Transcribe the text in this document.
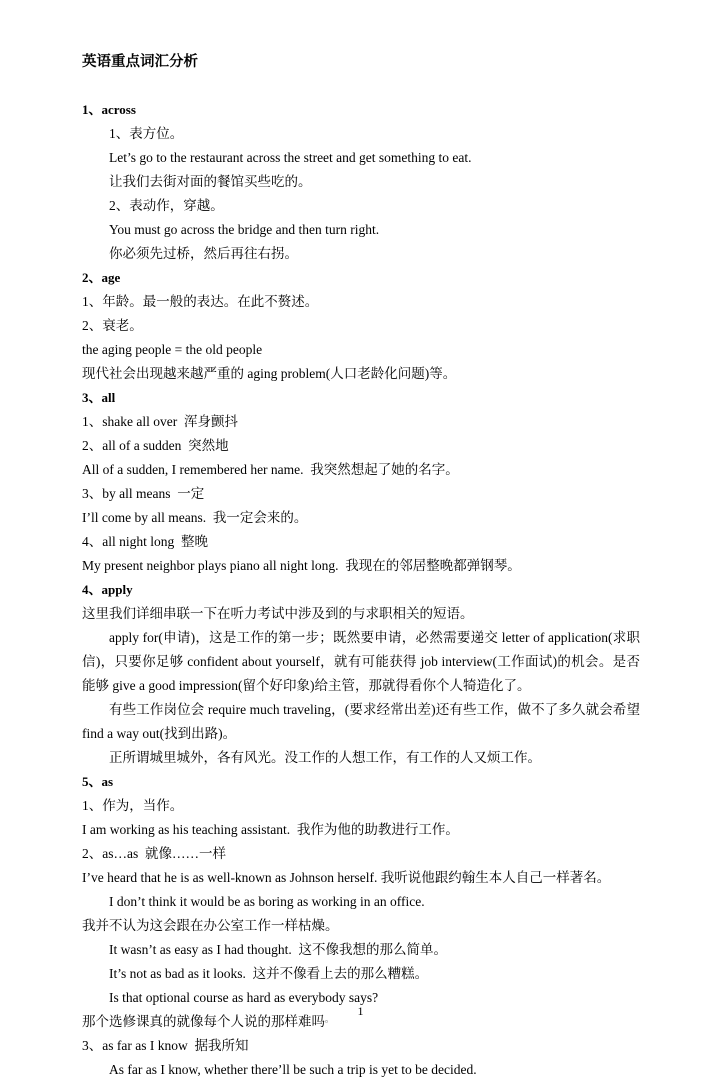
英语重点词汇分析
1、across
1、表方位。
Let’s go to the restaurant across the street and get something to eat.
让我们去街对面的餐馆买些吃的。
2、表动作，穿越。
You must go across the bridge and then turn right.
你必须先过桥，然后再往右拐。
2、age
1、年龄。最一般的表达。在此不赘述。
2、衰老。
the aging people = the old people
现代社会出现越来越严重的 aging problem(人口老龄化问题)等。
3、all
1、shake all over  浑身颤抖
2、all of a sudden  突然地
All of a sudden, I remembered her name.  我突然想起了她的名字。
3、by all means  一定
I’ll come by all means.  我一定会来的。
4、all night long  整晚
My present neighbor plays piano all night long.  我现在的邻居整晚都弹钢琴。
4、apply
这里我们详细串联一下在听力考试中涉及到的与求职相关的短语。
apply for(申请)，这是工作的第一步；既然要申请，必然需要递交 letter of application(求职信)，只要你足够 confident about yourself，就有可能获得 job interview(工作面试)的机会。是否能够 give a good impression(留个好印象)给主管，那就得看你个人犄造化了。
有些工作岗位会 require much traveling，(要求经常出差)还有些工作，做不了多久就会希望 find a way out(找到出路)。
正所谓城里城外，各有风光。没工作的人想工作，有工作的人又烦工作。
5、as
1、作为，当作。
I am working as his teaching assistant.  我作为他的助教进行工作。
2、as…as  就像……一样
I’ve heard that he is as well-known as Johnson herself. 我听说他跟约翰生本人自己一样著名。
I don’t think it would be as boring as working in an office.
我并不认为这会跟在办公室工作一样枯燥。
It wasn’t as easy as I had thought.  这不像我想的那么简单。
It’s not as bad as it looks.  这并不像看上去的那么糟糕。
Is that optional course as hard as everybody says?
那个选修课真的就像每个人说的那样难吗▫
3、as far as I know  据我所知
As far as I know, whether there’ll be such a trip is yet to be decided.
1
